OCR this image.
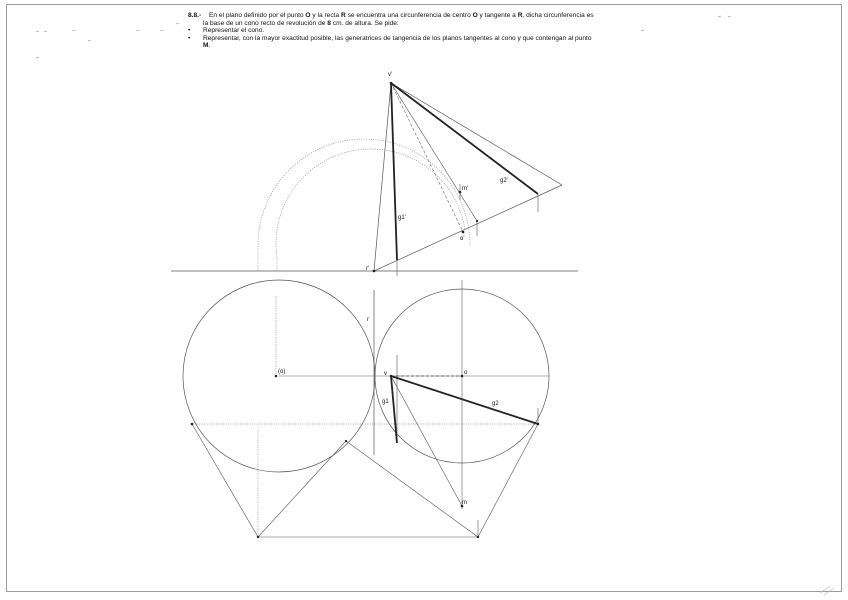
8.8.- En el plano definido por el punto O y la recta R se encuentra una circunferencia de centro O y tangente a R, dicha circunferencia es la base de un cono recto de revolución de 8 cm. de altura. Se pide:
• Representar el cono.
• Representar, con la mayor exactitud posible, las generatrices de tangencia de los planos tangentes al cono y que contengan al punto M.
v'
m'
o'
r'
g1'
g2'
r
(o)	v	o
g1	g2
m
